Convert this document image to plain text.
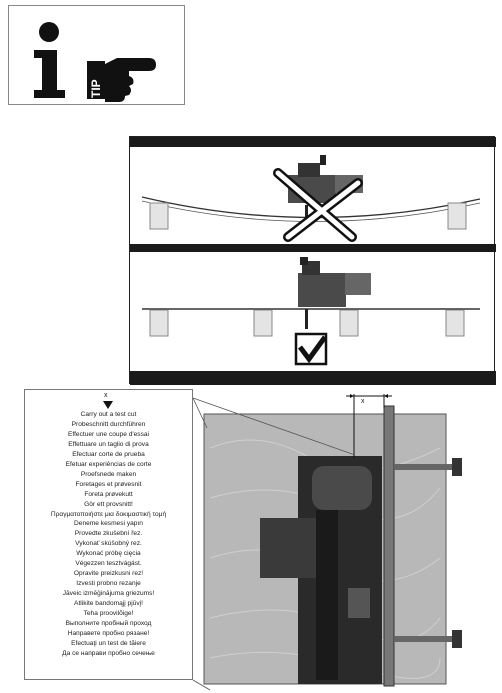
TIP
x
x
Carry out a test cut
Probeschnitt durchführen
Effectuer une coupe d'essai
Effettuare un taglio di prova
Efectuar corte de prueba
Efetuar experiências de corte
Proefsnede maken
Foretages et prøvesnit
Foreta prøvekutt
Gör ett provsnitt!
Πραγματοποιήστε μια δοκιμαστική τομή
Deneme kesmesi yapın
Provedte zkušební řez.
Vykonať skúšobný rez.
Wykonać próbę cięcia
Végezzen tesztvágást.
Opravite preizkusni rez!
Izvesti probno rezanje
Jāveic izmēģinājuma griezums!
Atlikite bandomąjį pjūvį!
Teha proovilõige!
Выполните пробный проход
Направете пробно рязане!
Efectuaţi un test de tăiere
Да се направи пробно сечење
